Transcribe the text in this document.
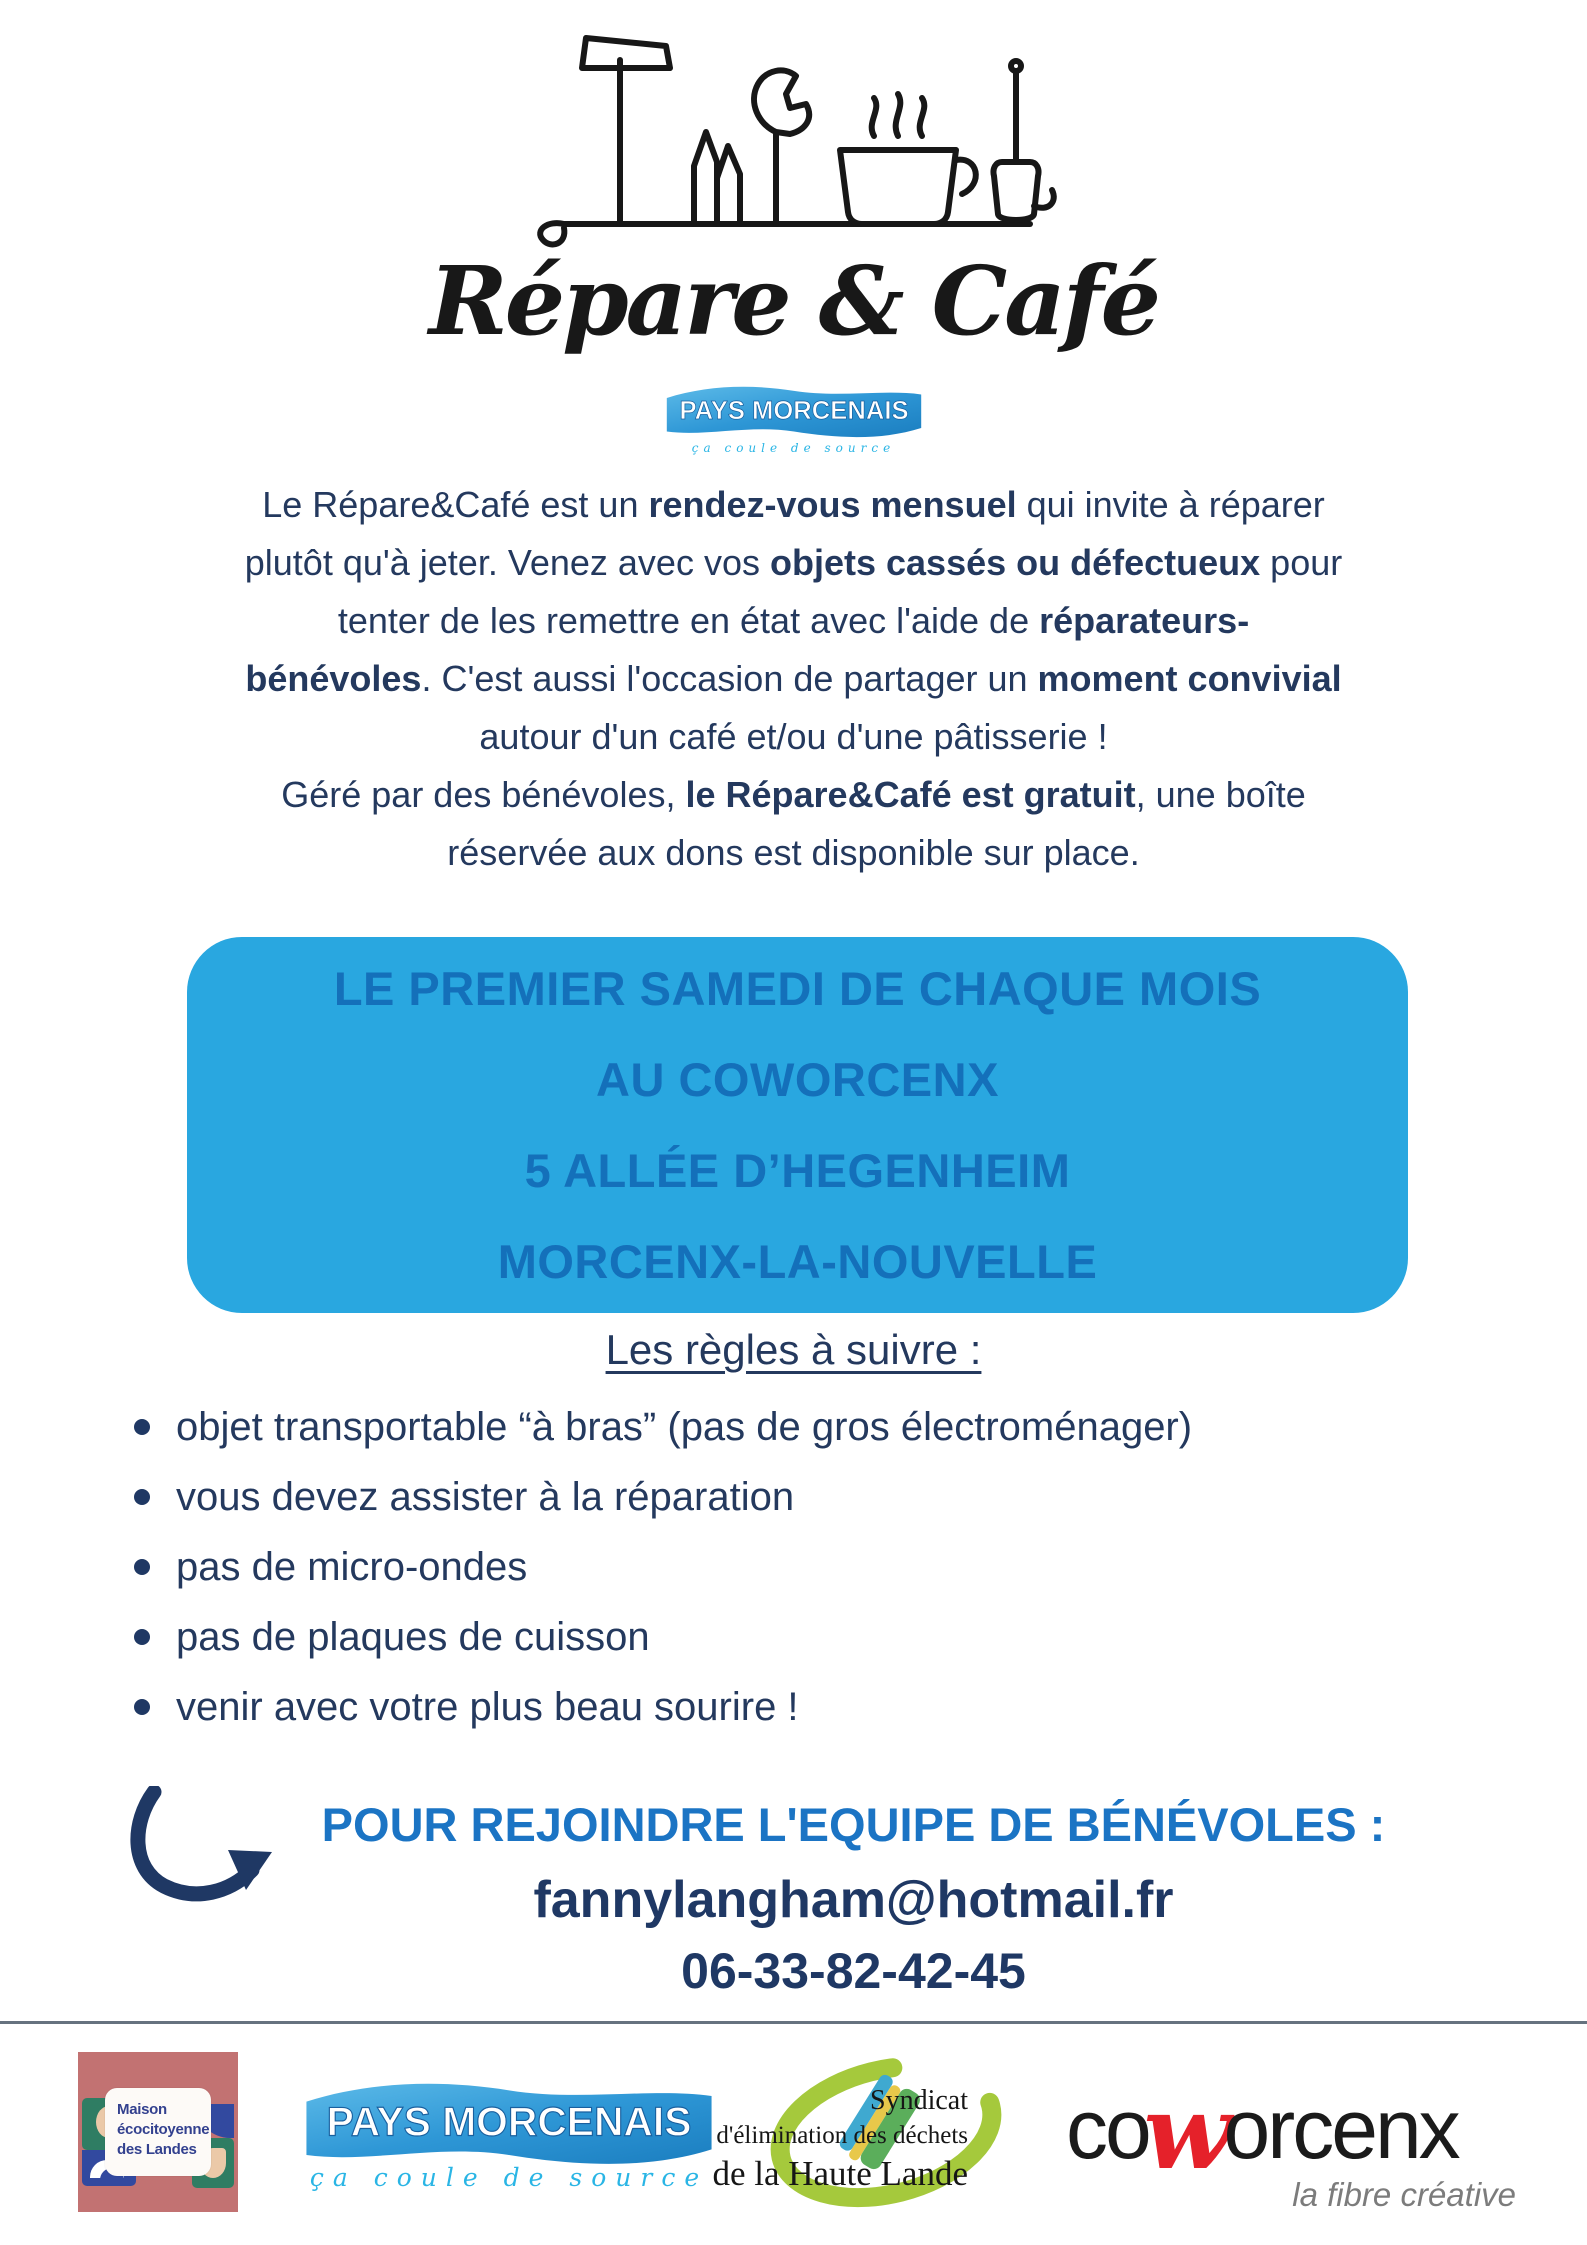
Répare & Café
PAYS MORCENAIS
ça coule de source
Le Répare&Café est un rendez-vous mensuel qui invite à réparer
plutôt qu'à jeter. Venez avec vos objets cassés ou défectueux pour
tenter de les remettre en état avec l'aide de réparateurs-
bénévoles. C'est aussi l'occasion de partager un moment convivial
autour d'un café et/ou d'une pâtisserie !
Géré par des bénévoles, le Répare&Café est gratuit, une boîte
réservée aux dons est disponible sur place.
LE PREMIER SAMEDI DE CHAQUE MOIS
AU COWORCENX
5 ALLÉE D’HEGENHEIM
MORCENX-LA-NOUVELLE
Les règles à suivre :
objet transportable “à bras” (pas de gros électroménager)
vous devez assister à la réparation
pas de micro-ondes
pas de plaques de cuisson
venir avec votre plus beau sourire !
POUR REJOINDRE L'EQUIPE DE BÉNÉVOLES :
fannylangham@hotmail.fr
06-33-82-42-45
Maison
écocitoyenne
des Landes
PAYS MORCENAIS
ça coule de source
Syndicat
d'élimination des déchets
de la Haute Lande coworcenx
la fibre créative
